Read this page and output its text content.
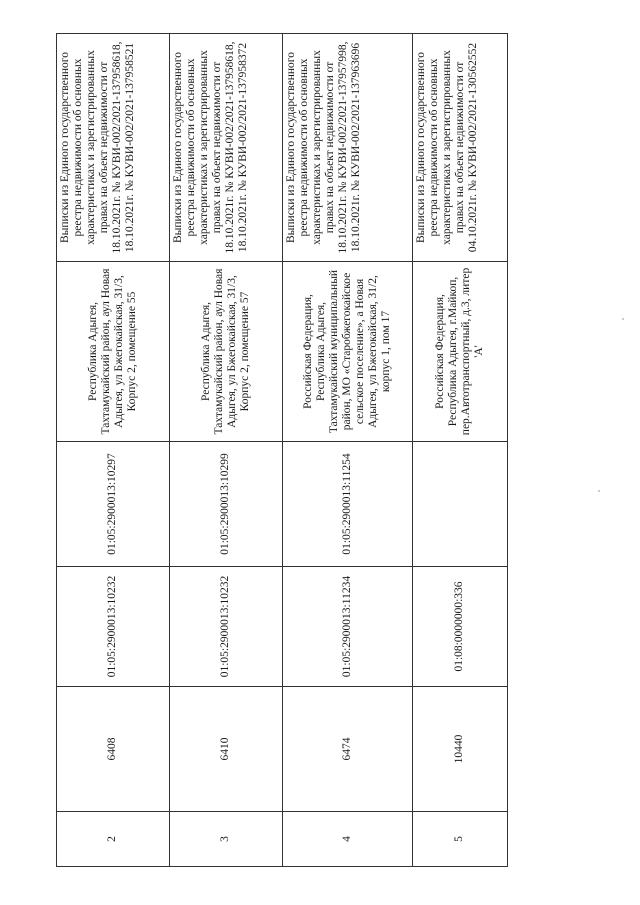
2	6408	01:05:2900013:10232	01:05:2900013:10297	Республика Адыгея, Тахтамукайский район, аул Новая Адыгея, ул Бжегокайская, 31/3, Корпус 2, помещение 55	Выписки из Единого государственного реестра недвижимости об основных характеристиках и зарегистрированных правах на объект недвижимости от 18.10.2021г. № КУВИ-002/2021-137958618, 18.10.2021г. № КУВИ-002/2021-137958521
3	6410	01:05:2900013:10232	01:05:2900013:10299	Республика Адыгея, Тахтамукайский район, аул Новая Адыгея, ул Бжегокайская, 31/3, Корпус 2, помещение 57	Выписки из Единого государственного реестра недвижимости об основных характеристиках и зарегистрированных правах на объект недвижимости от 18.10.2021г. № КУВИ-002/2021-137958618, 18.10.2021г. № КУВИ-002/2021-137958372
4	6474	01:05:2900013:11234	01:05:2900013:11254	Российская Федерация, Республика Адыгея, Тахтамукайский муниципальный район, МО «Старобжегокайское сельское поселение», а Новая Адыгея, ул Бжегокайская, 31/2, корпус 1, пом 17	Выписки из Единого государственного реестра недвижимости об основных характеристиках и зарегистрированных правах на объект недвижимости от 18.10.2021г. № КУВИ-002/2021-137957998, 18.10.2021г. № КУВИ-002/2021-137963696
5	10440	01:08:0000000:336		Российская Федерация, Республика Адыгея, г.Майкоп, пер.Автотранспортный, д.3, литер 'А'	Выписки из Единого государственного реестра недвижимости об основных характеристиках и зарегистрированных правах на объект недвижимости от 04.10.2021г. № КУВИ-002/2021-130562552
